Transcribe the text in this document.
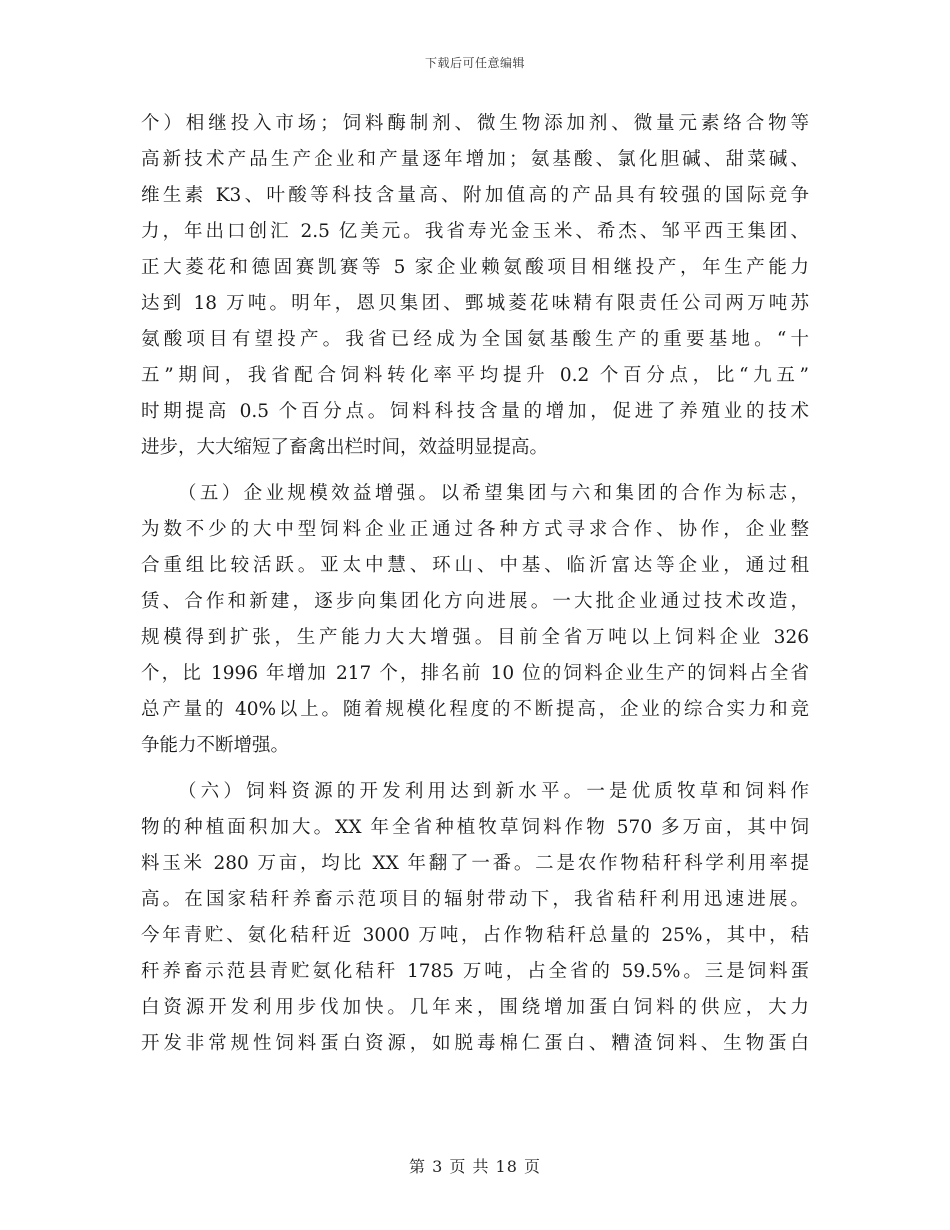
下载后可任意编辑
个）相继投入市场；饲料酶制剂、微生物添加剂、微量元素络合物等
高新技术产品生产企业和产量逐年增加；氨基酸、氯化胆碱、甜菜碱、
维生素 K3、叶酸等科技含量高、附加值高的产品具有较强的国际竞争
力，年出口创汇 2.5 亿美元。我省寿光金玉米、希杰、邹平西王集团、
正大菱花和德固赛凯赛等 5 家企业赖氨酸项目相继投产，年生产能力
达到 18 万吨。明年，恩贝集团、鄄城菱花味精有限责任公司两万吨苏
氨酸项目有望投产。我省已经成为全国氨基酸生产的重要基地。“十
五”期间，我省配合饲料转化率平均提升 0.2 个百分点，比“九五”
时期提高 0.5 个百分点。饲料科技含量的增加，促进了养殖业的技术
进步，大大缩短了畜禽出栏时间，效益明显提高。
（五）企业规模效益增强。以希望集团与六和集团的合作为标志，
为数不少的大中型饲料企业正通过各种方式寻求合作、协作，企业整
合重组比较活跃。亚太中慧、环山、中基、临沂富达等企业，通过租
赁、合作和新建，逐步向集团化方向进展。一大批企业通过技术改造，
规模得到扩张，生产能力大大增强。目前全省万吨以上饲料企业 326
个，比 1996 年增加 217 个，排名前 10 位的饲料企业生产的饲料占全省
总产量的 40%以上。随着规模化程度的不断提高，企业的综合实力和竞
争能力不断增强。
（六）饲料资源的开发利用达到新水平。一是优质牧草和饲料作
物的种植面积加大。XX 年全省种植牧草饲料作物 570 多万亩，其中饲
料玉米 280 万亩，均比 XX 年翻了一番。二是农作物秸秆科学利用率提
高。在国家秸秆养畜示范项目的辐射带动下，我省秸秆利用迅速进展。
今年青贮、氨化秸秆近 3000 万吨，占作物秸秆总量的 25%，其中，秸
秆养畜示范县青贮氨化秸秆 1785 万吨，占全省的 59.5%。三是饲料蛋
白资源开发利用步伐加快。几年来，围绕增加蛋白饲料的供应，大力
开发非常规性饲料蛋白资源，如脱毒棉仁蛋白、糟渣饲料、生物蛋白
第 3 页 共 18 页
